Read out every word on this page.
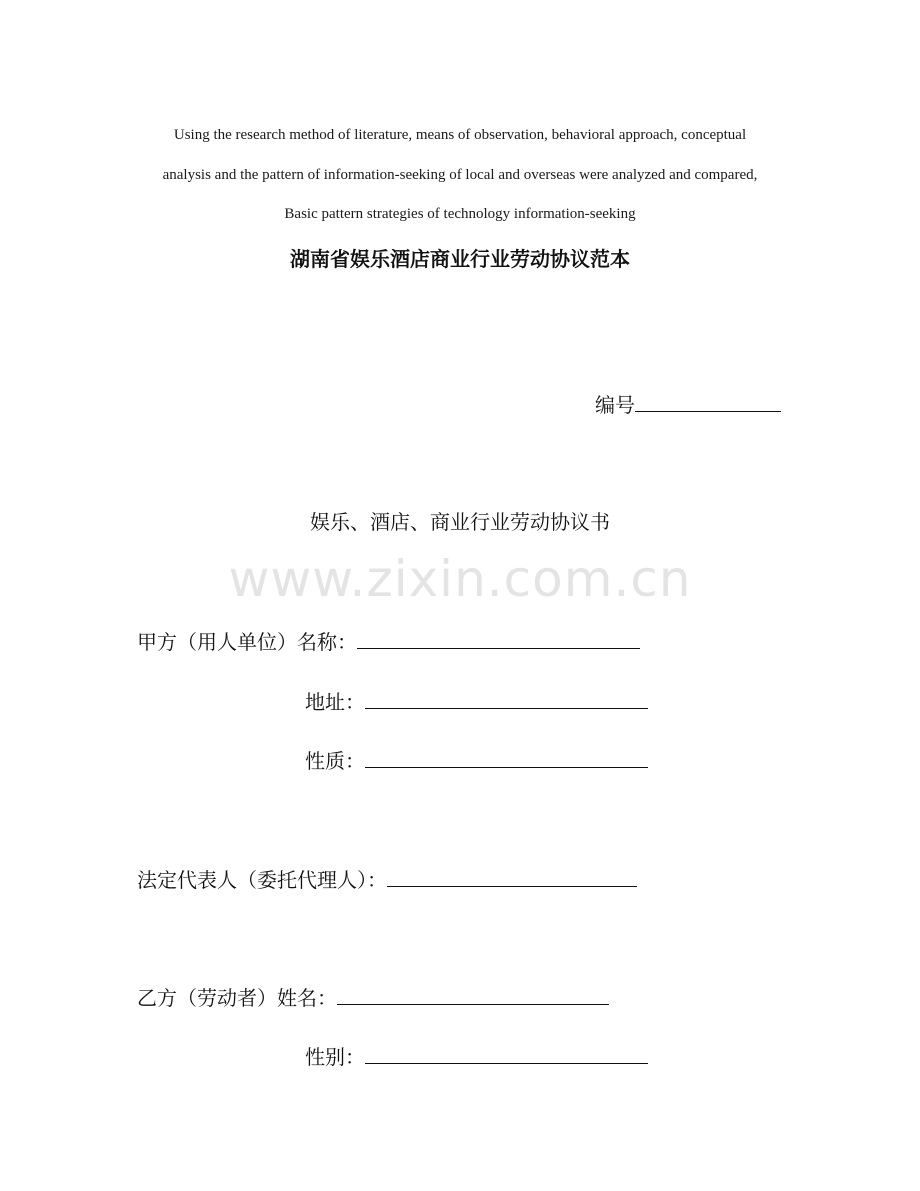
Using the research method of literature, means of observation, behavioral approach, conceptual
analysis and the pattern of information-seeking of local and overseas were analyzed and compared,
Basic pattern strategies of technology information-seeking
湖南省娱乐酒店商业行业劳动协议范本
编号
娱乐、酒店、商业行业劳动协议书
www.zixin.com.cn
甲方（用人单位）名称：
地址：
性质：
法定代表人（委托代理人）：
乙方（劳动者）姓名：
性别：
